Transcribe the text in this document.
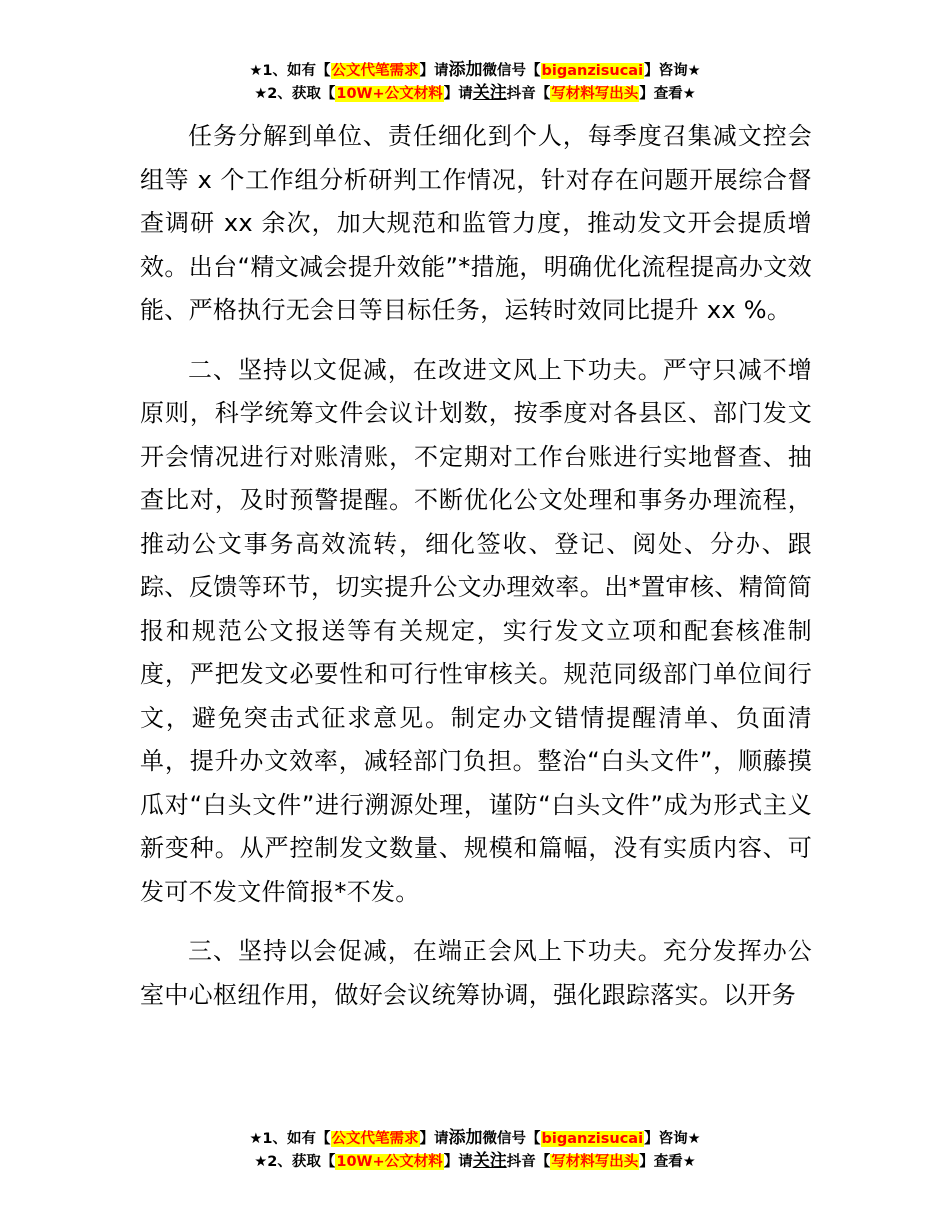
★1、如有【公文代笔需求】请添加微信号【biganzisucai】咨询★
★2、获取【10W+公文材料】请关注抖音【写材料写出头】查看★

任务分解到单位、责任细化到个人，每季度召集减文控会组等 x 个工作组分析研判工作情况，针对存在问题开展综合督查调研 xx 余次，加大规范和监管力度，推动发文开会提质增效。出台“精文减会提升效能”*措施，明确优化流程提高办文效能、严格执行无会日等目标任务，运转时效同比提升 xx %。

二、坚持以文促减，在改进文风上下功夫。严守只减不增原则，科学统筹文件会议计划数，按季度对各县区、部门发文开会情况进行对账清账，不定期对工作台账进行实地督查、抽查比对，及时预警提醒。不断优化公文处理和事务办理流程，推动公文事务高效流转，细化签收、登记、阅处、分办、跟踪、反馈等环节，切实提升公文办理效率。出*置审核、精简简报和规范公文报送等有关规定，实行发文立项和配套核准制度，严把发文必要性和可行性审核关。规范同级部门单位间行文，避免突击式征求意见。制定办文错情提醒清单、负面清单，提升办文效率，减轻部门负担。整治“白头文件”，顺藤摸瓜对“白头文件”进行溯源处理，谨防“白头文件”成为形式主义新变种。从严控制发文数量、规模和篇幅，没有实质内容、可发可不发文件简报*不发。

三、坚持以会促减，在端正会风上下功夫。充分发挥办公室中心枢纽作用，做好会议统筹协调，强化跟踪落实。以开务

★1、如有【公文代笔需求】请添加微信号【biganzisucai】咨询★
★2、获取【10W+公文材料】请关注抖音【写材料写出头】查看★
